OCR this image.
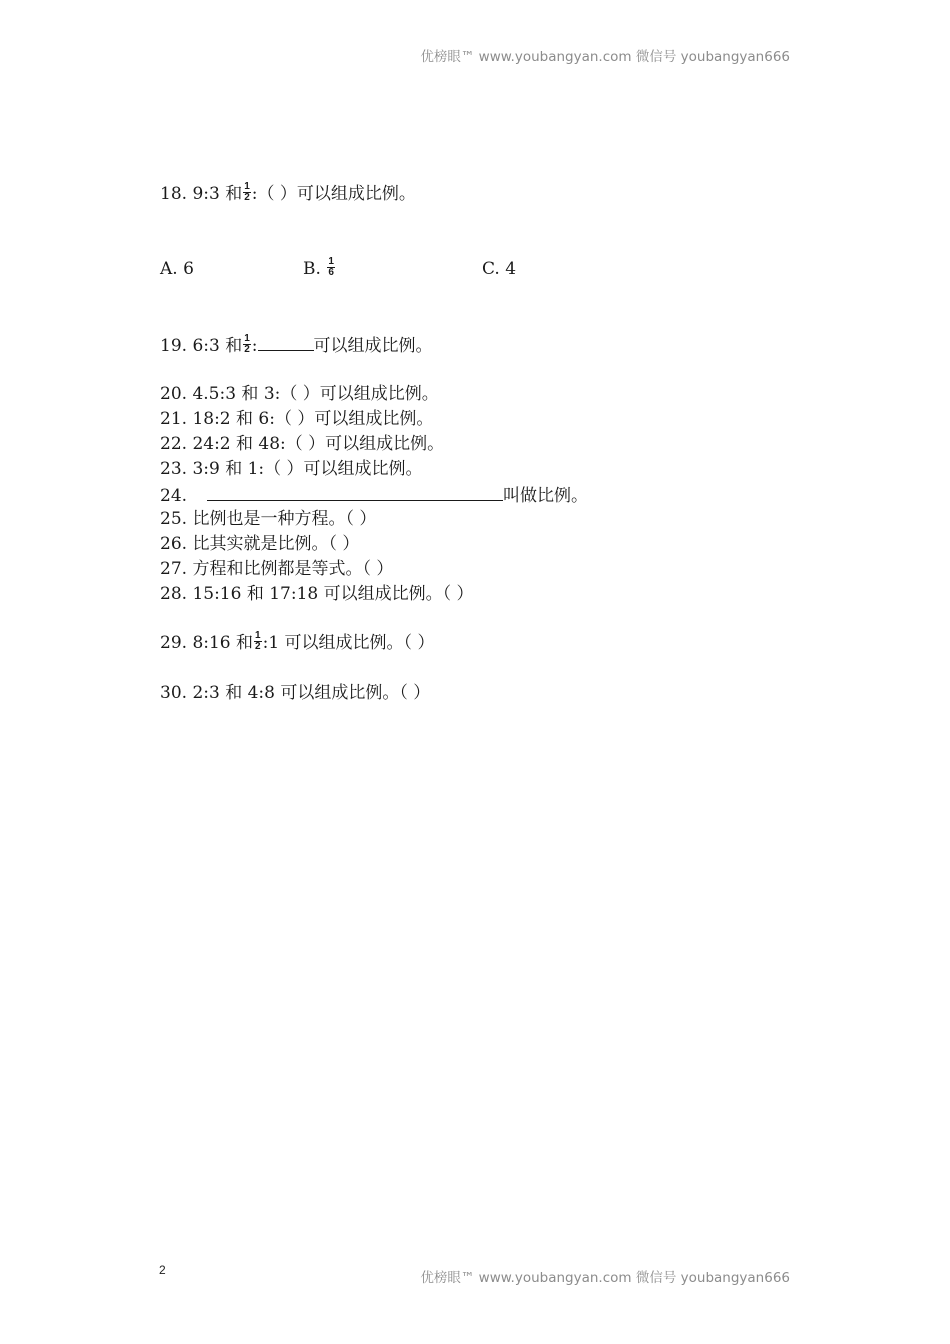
优榜眼™ www.youbangyan.com 微信号 youbangyan666
18. 9:3 和 $\frac{1}{2}$ :（ ）可以组成比例。
A. 6	B. $\frac{1}{6}$	C. 4
19. 6:3 和 $\frac{1}{2}$ :	可以组成比例。
20. 4.5:3 和 3:（ ）可以组成比例。
21. 18:2 和 6:（ ）可以组成比例。
22. 24:2 和 48:（ ）可以组成比例。
23. 3:9 和 1:（ ）可以组成比例。
24.	叫做比例。
25. 比例也是一种方程。（ ）
26. 比其实就是比例。（ ）
27. 方程和比例都是等式。（ ）
28. 15:16 和 17:18 可以组成比例。（ ）
29. 8:16 和 $\frac{1}{2}$ :1 可以组成比例。（ ）
30. 2:3 和 4:8 可以组成比例。（ ）
2	优榜眼™ www.youbangyan.com 微信号 youbangyan666
